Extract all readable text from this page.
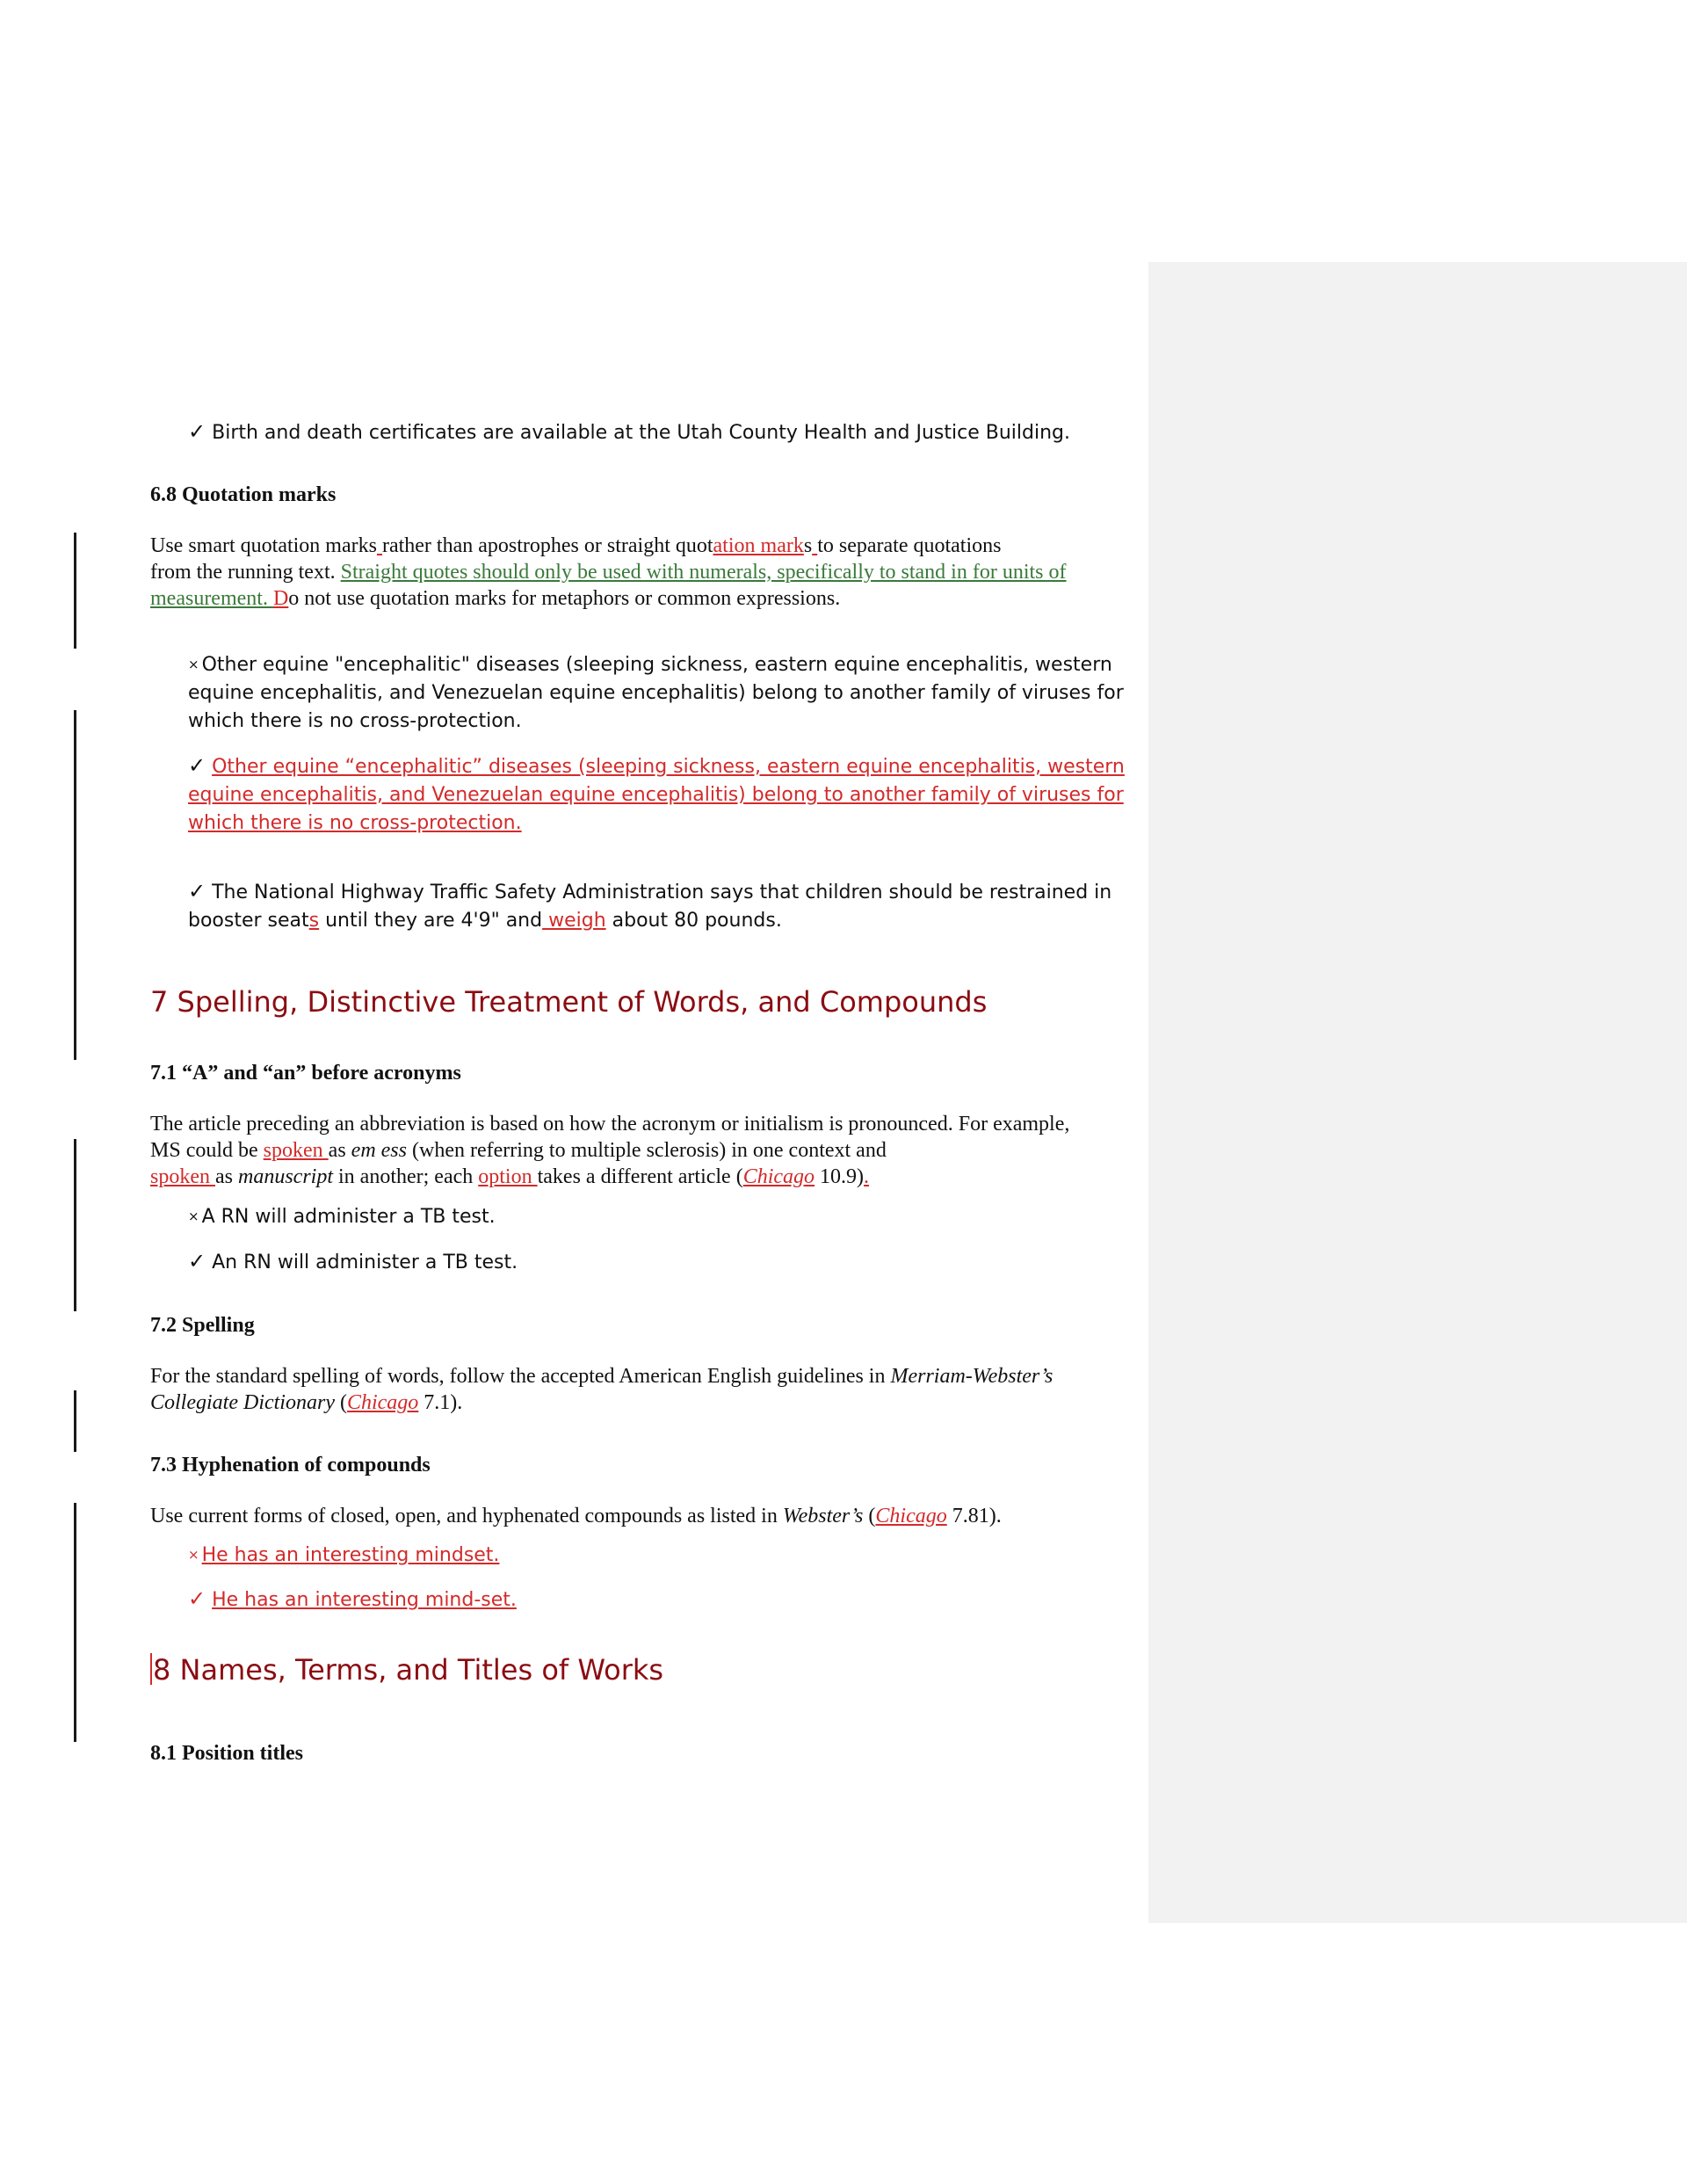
✓ Birth and death certificates are available at the Utah County Health and Justice Building.
6.8 Quotation marks
Use smart quotation marks rather than apostrophes or straight quotation marks to separate quotations
from the running text. Straight quotes should only be used with numerals, specifically to stand in for units of
measurement. Do not use quotation marks for metaphors or common expressions.
× Other equine "encephalitic" diseases (sleeping sickness, eastern equine encephalitis, western
equine encephalitis, and Venezuelan equine encephalitis) belong to another family of viruses for
which there is no cross-protection.
✓ Other equine “encephalitic” diseases (sleeping sickness, eastern equine encephalitis, western
equine encephalitis, and Venezuelan equine encephalitis) belong to another family of viruses for
which there is no cross-protection.
✓ The National Highway Traffic Safety Administration says that children should be restrained in
booster seats until they are 4'9" and weigh about 80 pounds.
7 Spelling, Distinctive Treatment of Words, and Compounds
7.1 “A” and “an” before acronyms
The article preceding an abbreviation is based on how the acronym or initialism is pronounced. For example,
MS could be spoken as em ess (when referring to multiple sclerosis) in one context and
spoken as manuscript in another; each option takes a different article (Chicago 10.9).
× A RN will administer a TB test.
✓ An RN will administer a TB test.
7.2 Spelling
For the standard spelling of words, follow the accepted American English guidelines in Merriam-Webster’s
Collegiate Dictionary (Chicago 7.1).
7.3 Hyphenation of compounds
Use current forms of closed, open, and hyphenated compounds as listed in Webster’s (Chicago 7.81).
× He has an interesting mindset.
✓ He has an interesting mind-set.
8 Names, Terms, and Titles of Works
8.1 Position titles
